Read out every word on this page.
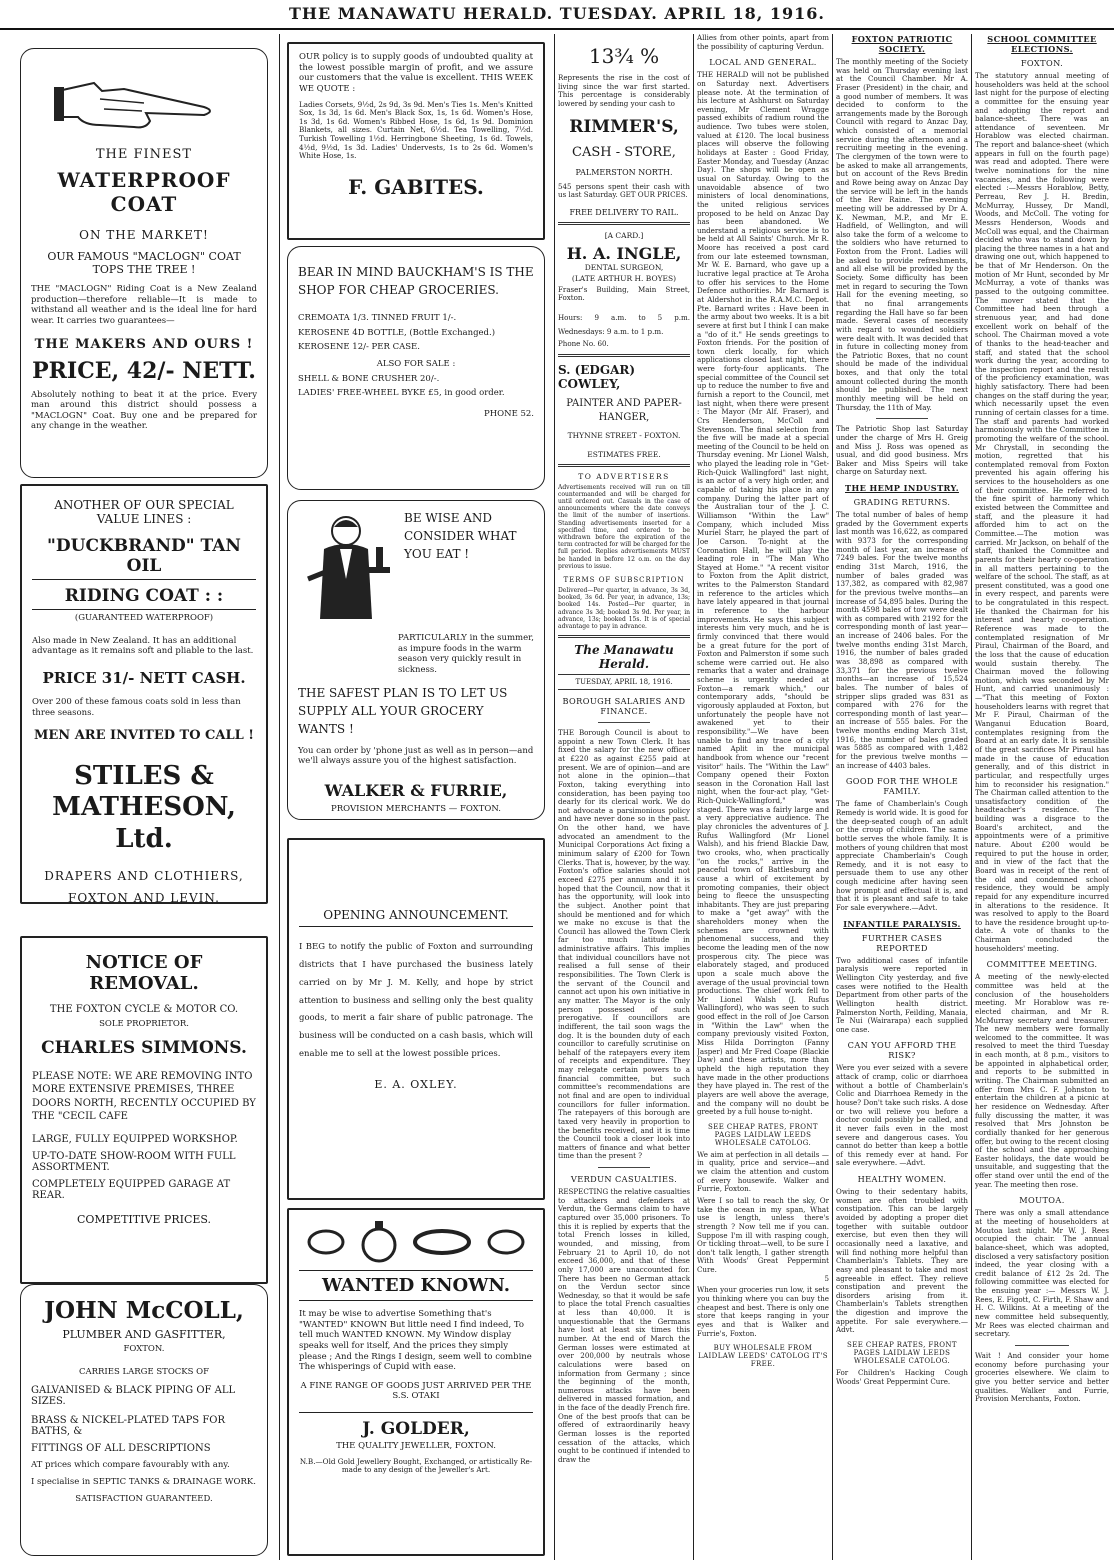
THE MANAWATU HERALD. TUESDAY. APRIL 18, 1916.
THE FINEST
WATERPROOF COAT
ON THE MARKET!
OUR FAMOUS "MACLOGN" COAT TOPS THE TREE !
THE "MACLOGN" Riding Coat is a New Zealand production—therefore reliable—It is made to withstand all weather and is the ideal line for hard wear. It carries two guarantees—
THE MAKERS AND OURS !
PRICE, 42/- NETT.
Absolutely nothing to beat it at the price. Every man around this district should possess a "MACLOGN" Coat. Buy one and be prepared for any change in the weather.
ANOTHER OF OUR SPECIAL VALUE LINES :
"DUCKBRAND" TAN OIL
RIDING COAT : :
(GUARANTEED WATERPROOF)
Also made in New Zealand. It has an additional advantage as it remains soft and pliable to the last.
PRICE 31/- NETT CASH.
Over 200 of these famous coats sold in less than three seasons.
MEN ARE INVITED TO CALL !
STILES & MATHESON, Ltd.
DRAPERS AND CLOTHIERS,
FOXTON AND LEVIN.
NOTICE OF REMOVAL.
THE FOXTON CYCLE & MOTOR CO.
SOLE PROPRIETOR.
CHARLES SIMMONS.
PLEASE NOTE: WE ARE REMOVING INTO MORE EXTENSIVE PREMISES, THREE DOORS NORTH, RECENTLY OCCUPIED BY THE "CECIL CAFE
LARGE, FULLY EQUIPPED WORKSHOP.
UP-TO-DATE SHOW-ROOM WITH FULL ASSORTMENT.
COMPLETELY EQUIPPED GARAGE AT REAR.
COMPETITIVE PRICES.
JOHN McCOLL,
PLUMBER AND GASFITTER,
FOXTON.
CARRIES LARGE STOCKS OF
GALVANISED & BLACK PIPING OF ALL SIZES.
BRASS & NICKEL-PLATED TAPS FOR BATHS, &
FITTINGS OF ALL DESCRIPTIONS
AT prices which compare favourably with any.
I specialise in SEPTIC TANKS & DRAINAGE WORK.
SATISFACTION GUARANTEED.
OUR policy is to supply goods of undoubted quality at the lowest possible margin of profit, and we assure our customers that the value is excellent. THIS WEEK WE QUOTE :
Ladies Corsets, 9½d, 2s 9d, 3s 9d. Men's Ties 1s. Men's Knitted Sox, 1s 3d, 1s 6d. Men's Black Sox, 1s, 1s 6d. Women's Hose, 1s 3d, 1s 6d. Women's Ribbed Hose, 1s 6d, 1s 9d. Dominion Blankets, all sizes. Curtain Net, 6½d. Tea Towelling, 7½d. Turkish Towelling 1½d. Herringbone Sheeting, 1s 6d. Towels, 4½d, 9½d, 1s 3d. Ladies' Undervests, 1s to 2s 6d. Women's White Hose, 1s.
F. GABITES.
BEAR IN MIND BAUCKHAM'S IS THE SHOP FOR CHEAP GROCERIES.
CREMOATA 1/3. TINNED FRUIT 1/-.
KEROSENE 4D BOTTLE, (Bottle Exchanged.)
KEROSENE 12/- PER CASE.
ALSO FOR SALE :
SHELL & BONE CRUSHER 20/-.
LADIES' FREE-WHEEL BYKE £5, in good order.
PHONE 52.
BE WISE AND CONSIDER WHAT YOU EAT !
PARTICULARLY in the summer, as impure foods in the warm season very quickly result in sickness.
THE SAFEST PLAN IS TO LET US SUPPLY ALL YOUR GROCERY WANTS !
You can order by 'phone just as well as in person—and we'll always assure you of the highest satisfaction.
WALKER & FURRIE,
PROVISION MERCHANTS — FOXTON.
OPENING ANNOUNCEMENT.
I BEG to notify the public of Foxton and surrounding districts that I have purchased the business lately carried on by Mr J. M. Kelly, and hope by strict attention to business and selling only the best quality goods, to merit a fair share of public patronage. The business will be conducted on a cash basis, which will enable me to sell at the lowest possible prices.
E. A. OXLEY.
WANTED KNOWN.
It may be wise to advertise Something that's "WANTED" KNOWN But little need I find indeed, To tell much WANTED KNOWN. My Window display speaks well for itself, And the prices they simply please ; And the Rings I design, seem well to combine The whisperings of Cupid with ease.
A FINE RANGE OF GOODS JUST ARRIVED PER THE S.S. OTAKI
J. GOLDER,
THE QUALITY JEWELLER, FOXTON.
N.B.—Old Gold Jewellery Bought, Exchanged, or artistically Re-made to any design of the Jeweller's Art.
13¾ %
Represents the rise in the cost of living since the war first started. This percentage is considerably lowered by sending your cash to
RIMMER'S,
CASH - STORE,
PALMERSTON NORTH.
545 persons spent their cash with us last Saturday. GET OUR PRICES.
FREE DELIVERY TO RAIL.
[A CARD.]
H. A. INGLE,
DENTAL SURGEON,
(LATE ARTHUR H. BOYES)
Fraser's Building, Main Street, Foxton.
Hours: 9 a.m. to 5 p.m. Wednesdays: 9 a.m. to 1 p.m.
Phone No. 60.
S. (EDGAR) COWLEY,
PAINTER AND PAPER-HANGER,
THYNNE STREET - FOXTON.
ESTIMATES FREE.
TO ADVERTISERS
Advertisements received will run on till countermanded and will be charged for until ordered out. Casuals in the case of announcements where the date conveys the limit of the number of insertions. Standing advertisements inserted for a specified time, and ordered to be withdrawn before the expiration of the term contracted for will be charged for the full period. Replies advertisements MUST be handed in before 12 o.m. on the day previous to issue.
TERMS OF SUBSCRIPTION
Delivered—Per quarter, in advance, 3s 3d, booked, 3s 6d. Per year, in advance, 13s; booked 14s. Posted—Per quarter, in advance 3s 3d; booked 3s 9d. Per year, in advance, 13s; booked 15s. It is of special advantage to pay in advance.
The Manawatu Herald.
TUESDAY, APRIL 18, 1916.
BOROUGH SALARIES AND FINANCE.
THE Borough Council is about to appoint a new Town Clerk. It has fixed the salary for the new officer at £220 as against £255 paid at present. We are of opinion—and are not alone in the opinion—that Foxton, taking everything into consideration, has been paying too dearly for its clerical work. We do not advocate a parsimonious policy and have never done so in the past. On the other hand, we have advocated an amendment to the Municipal Corporations Act fixing a minimum salary of £200 for Town Clerks. That is, however, by the way. Foxton's office salaries should not exceed £275 per annum and it is hoped that the Council, now that it has the opportunity, will look into the subject. Another point that should be mentioned and for which we make no excuse is that the Council has allowed the Town Clerk far too much latitude in administrative affairs. This implies that individual councillors have not realised a full sense of their responsibilities. The Town Clerk is the servant of the Council and cannot act upon his own initiative in any matter. The Mayor is the only person possessed of such prerogative. If councillors are indifferent, the tail soon wags the dog. It is the bounden duty of each councillor to carefully scrutinise on behalf of the ratepayers every item of receipts and expenditure. They may relegate certain powers to a financial committee, but such committee's recommendations are not final and are open to individual councillors for fuller information. The ratepayers of this borough are taxed very heavily in proportion to the benefits received, and it is time the Council took a closer look into matters of finance and what better time than the present ?
VERDUN CASUALTIES.
RESPECTING the relative casualties to attackers and defenders at Verdun, the Germans claim to have captured over 35,000 prisoners. To this it is replied by experts that the total French losses in killed, wounded, and missing, from February 21 to April 10, do not exceed 36,000, and that of these only 17,000 are unaccounted for. There has been no German attack on the Verdun sector since Wednesday, so that it would be safe to place the total French casualties at less than 40,000. It is unquestionable that the Germans have lost at least six times this number. At the end of March the German losses were estimated at over 200,000 by neutrals whose calculations were based on information from Germany ; since the beginning of the month, numerous attacks have been delivered in massed formation, and in the face of the deadly French fire. One of the best proofs that can be offered of extraordinarily heavy German losses is the reported cessation of the attacks, which ought to be continued if intended to draw the
Allies from other points, apart from the possibility of capturing Verdun.
LOCAL AND GENERAL.
THE HERALD will not be published on Saturday next. Advertisers please note. At the termination of his lecture at Ashhurst on Saturday evening, Mr Clement Wragge passed exhibits of radium round the audience. Two tubes were stolen, valued at £120. The local business places will observe the following holidays at Easter : Good Friday, Easter Monday, and Tuesday (Anzac Day). The shops will be open as usual on Saturday. Owing to the unavoidable absence of two ministers of local denominations, the united religious services proposed to be held on Anzac Day has been abandoned. We understand a religious service is to be held at All Saints' Church. Mr R. Moore has received a post card from our late esteemed townsman, Mr W. E. Barnard, who gave up a lucrative legal practice at Te Aroha to offer his services to the Home Defence authorities. Mr Barnard is at Aldershot in the R.A.M.C. Depot. Pte. Barnard writes : Have been in the army about two weeks. It is a bit severe at first but I think I can make a "do of it." He sends greetings to Foxton friends. For the position of town clerk locally, for which applications closed last night, there were forty-four applicants. The special committee of the Council set up to reduce the number to five and furnish a report to the Council, met last night, when there were present : The Mayor (Mr Alf. Fraser), and Crs Henderson, McColl and Stevenson. The final selection from the five will be made at a special meeting of the Council to be held on Thursday evening. Mr Lionel Walsh, who played the leading role in "Get-Rich-Quick Wallingford" last night, is an actor of a very high order, and capable of taking his place in any company. During the latter part of the Australian tour of the J. C. Williamson "Within the Law" Company, which included Miss Muriel Starr, he played the part of Joe Carson. To-night at the Coronation Hall, he will play the leading role in "The Man Who Stayed at Home." "A recent visitor to Foxton from the Aplit district, writes to the Palmerston Standard in reference to the articles which have lately appeared in that journal in reference to the harbour improvements. He says this subject interests him very much, and he is firmly convinced that there would be a great future for the port of Foxton and Palmerston if some such scheme were carried out. He also remarks that a water and drainage scheme is urgently needed at Foxton—a remark which," our contemporary adds, "should be vigorously applauded at Foxton, but unfortunately the people have not awakened yet to their responsibility."—We have been unable to find any trace of a city named Aplit in the municipal handbook from whence our "recent visitor" hails. The "Within the Law" Company opened their Foxton season in the Coronation Hall last night, when the four-act play, "Get-Rich-Quick-Wallingford," was staged. There was a fairly large and a very appreciative audience. The play chronicles the adventures of J. Rufus Wallingford (Mr Lionel Walsh), and his friend Blackie Daw, two crooks, who, when practically "on the rocks," arrive in the peaceful town of Battlesburg and cause a whirl of excitement by promoting companies, their object being to fleece the unsuspecting inhabitants. They are just preparing to make a "get away" with the shareholders money when the schemes are crowned with phenomenal success, and they become the leading men of the now prosperous city. The piece was elaborately staged, and produced upon a scale much above the average of the usual provincial town productions. The chief work fell to Mr Lionel Walsh (J. Rufus Wallingford), who was seen to such good effect in the roll of Joe Carson in "Within the Law" when the company previously visited Foxton, Miss Hilda Dorrington (Fanny Jasper) and Mr Fred Coape (Blackie Daw) and these artists, more than upheld the high reputation they have made in the other productions they have played in. The rest of the players are well above the average, and the company will no doubt be greeted by a full house to-night.
SEE CHEAP RATES, FRONT PAGES LAIDLAW LEEDS WHOLESALE CATOLOG.
We aim at perfection in all details —in quality, price and service—and we claim the attention and custom of every housewife. Walker and Furrie, Foxton.
Were I so tall to reach the sky, Or take the ocean in my span, What use is length, unless there's strength ? Now tell me if you can. Suppose I'm ill with rasping cough, Or tickling throat—well, to be sure I don't talk length, I gather strength With Woods' Great Peppermint Cure.
5
When your groceries run low, it sets you thinking where you can buy the cheapest and best. There is only one store that keeps ranging in your eyes and that is Walker and Furrie's, Foxton.
BUY WHOLESALE FROM LAIDLAW LEEDS' CATOLOG IT'S FREE.
FOXTON PATRIOTIC SOCIETY.
The monthly meeting of the Society was held on Thursday evening last at the Council Chamber. Mr A. Fraser (President) in the chair, and a good number of members. It was decided to conform to the arrangements made by the Borough Council with regard to Anzac Day, which consisted of a memorial service during the afternoon and a recruiting meeting in the evening. The clergymen of the town were to be asked to make all arrangements, but on account of the Revs Bredin and Rowe being away on Anzac Day the service will be left in the hands of the Rev Raine. The evening meeting will be addressed by Dr A. K. Newman, M.P., and Mr E. Hadfield, of Wellington, and will also take the form of a welcome to the soldiers who have returned to Foxton from the Front. Ladies will be asked to provide refreshments, and all else will be provided by the Society. Some difficulty has been met in regard to securing the Town Hall for the evening meeting, so that no final arrangements regarding the Hall have so far been made. Several cases of necessity with regard to wounded soldiers were dealt with. It was decided that in future in collecting money from the Patriotic Boxes, that no count should be made of the individual boxes, and that only the total amount collected during the month should be published. The next monthly meeting will be held on Thursday, the 11th of May.
The Patriotic Shop last Saturday under the charge of Mrs H. Greig and Miss J. Ross was opened as usual, and did good business. Mrs Baker and Miss Speirs will take charge on Saturday next.
THE HEMP INDUSTRY.
GRADING RETURNS.
The total number of bales of hemp graded by the Government experts last month was 16,622, as compared with 9373 for the corresponding month of last year, an increase of 7249 bales. For the twelve months ending 31st March, 1916, the number of bales graded was 137,382, as compared with 82,987 for the previous twelve months—an increase of 54,895 bales. During the month 4598 bales of tow were dealt with as compared with 2192 for the corresponding month of last year—an increase of 2406 bales. For the twelve months ending 31st March, 1916, the number of bales graded was 38,898 as compared with 33,371 for the previous twelve months—an increase of 15,524 bales. The number of bales of stripper slips graded was 831 as compared with 276 for the corresponding month of last year—an increase of 555 bales. For the twelve months ending March 31st, 1916, the number of bales graded was 5885 as compared with 1,482 for the previous twelve months — an increase of 4403 bales.
GOOD FOR THE WHOLE FAMILY.
The fame of Chamberlain's Cough Remedy is world wide. It is good for the deep-seated cough of an adult or the croup of children. The same bottle serves the whole family. It is mothers of young children that most appreciate Chamberlain's Cough Remedy, and it is not easy to persuade them to use any other cough medicine after having seen how prompt and effectual it is, and that it is pleasant and safe to take For sale everywhere.—Advt.
INFANTILE PARALYSIS.
FURTHER CASES REPORTED
Two additional cases of infantile paralysis were reported in Wellington City yesterday, and five cases were notified to the Health Department from other parts of the Wellington health district. Palmerston North, Feilding, Manaia, Te Nui (Wairarapa) each supplied one case.
CAN YOU AFFORD THE RISK?
Were you ever seized with a severe attack of cramp, colic or diarrhoea without a bottle of Chamberlain's Colic and Diarrhoea Remedy in the house? Don't take such risks. A dose or two will relieve you before a doctor could possibly be called, and it never fails even in the most severe and dangerous cases. You cannot do better than keep a bottle of this remedy ever at hand. For sale everywhere. —Advt.
HEALTHY WOMEN.
Owing to their sedentary habits, women are often troubled with constipation. This can be largely avoided by adopting a proper diet together with suitable outdoor exercise, but even then they will occasionally need a laxative, and will find nothing more helpful than Chamberlain's Tablets. They are easy and pleasant to take and most agreeable in effect. They relieve constipation and prevent the disorders arising from it. Chamberlain's Tablets strengthen the digestion and improve the appetite. For sale everywhere.—Advt.
SEE CHEAP RATES, FRONT PAGES LAIDLAW LEEDS WHOLESALE CATOLOG.
For Children's Hacking Cough Woods' Great Peppermint Cure.
SCHOOL COMMITTEE ELECTIONS.
FOXTON.
The statutory annual meeting of householders was held at the school last night for the purpose of electing a committee for the ensuing year and adopting the report and balance-sheet. There was an attendance of seventeen. Mr Horablow was elected chairman. The report and balance-sheet (which appears in full on the fourth page) was read and adopted. There were twelve nominations for the nine vacancies, and the following were elected :—Messrs Horablow, Betty, Perreau, Rev J. H. Bredin, McMurray, Hussey, Dr Mandl, Woods, and McColl. The voting for Messrs Henderson, Woods and McColl was equal, and the Chairman decided who was to stand down by placing the three names in a hat and drawing one out, which happened to be that of Mr Henderson. On the motion of Mr Hunt, seconded by Mr McMurray, a vote of thanks was passed to the outgoing committee. The mover stated that the Committee had been through a strenuous year, and had done excellent work on behalf of the school. The Chairman moved a vote of thanks to the head-teacher and staff, and stated that the school work during the year, according to the inspection report and the result of the proficiency examination, was highly satisfactory. There had been changes on the staff during the year, which necessarily upset the even running of certain classes for a time. The staff and parents had worked harmoniously with the Committee in promoting the welfare of the school. Mr Chrystall, in seconding the motion, regretted that his contemplated removal from Foxton prevented his again offering his services to the householders as one of their committee. He referred to the fine spirit of harmony which existed between the Committee and staff, and the pleasure it had afforded him to act on the Committee.—The motion was carried. Mr Jackson, on behalf of the staff, thanked the Committee and parents for their hearty co-operation in all matters pertaining to the welfare of the school. The staff, as at present constituted, was a good one in every respect, and parents were to be congratulated in this respect. He thanked the Chairman for his interest and hearty co-operation. Reference was made to the contemplated resignation of Mr Piraul, Chairman of the Board, and the loss that the cause of education would sustain thereby. The Chairman moved the following motion, which was seconded by Mr Hunt, and carried unanimously :—"That this meeting of Foxton householders learns with regret that Mr F. Piraul, Chairman of the Wanganui Education Board, contemplates resigning from the Board at an early date. It is sensible of the great sacrifices Mr Piraul has made in the cause of education generally, and of this district in particular, and respectfully urges him to reconsider his resignation." The Chairman called attention to the unsatisfactory condition of the headteacher's residence. The building was a disgrace to the Board's architect, and the appointments were of a primitive nature. About £200 would be required to put the house in order, and in view of the fact that the Board was in receipt of the rent of the old and condemned school residence, they would be amply repaid for any expenditure incurred in alterations to the residence. It was resolved to apply to the Board to have the residence brought up-to-date. A vote of thanks to the Chairman concluded the householders' meeting.
COMMITTEE MEETING.
A meeting of the newly-elected committee was held at the conclusion of the householders meeting. Mr Horablow was re-elected chairman, and Mr R. McMurray secretary and treasurer. The new members were formally welcomed to the committee. It was resolved to meet the third Tuesday in each month, at 8 p.m., visitors to be appointed in alphabetical order, and reports to be submitted in writing. The Chairman submitted an offer from Mrs C. F. Johnston to entertain the children at a picnic at her residence on Wednesday. After fully discussing the matter, it was resolved that Mrs Johnston be cordially thanked for her generous offer, but owing to the recent closing of the school and the approaching Easter holidays, the date would be unsuitable, and suggesting that the offer stand over until the end of the year. The meeting then rose.
MOUTOA.
There was only a small attendance at the meeting of householders at Moutoa last night. Mr W. J. Rees occupied the chair. The annual balance-sheet, which was adopted, disclosed a very satisfactory position indeed, the year closing with a credit balance of £12 2s 2d. The following committee was elected for the ensuing year :— Messrs W. J. Rees, E. Figott, C. Firth, F. Shaw and H. C. Wilkins. At a meeting of the new committee held subsequently, Mr Rees was elected chairman and secretary.
Wait ! And consider your home economy before purchasing your groceries elsewhere. We claim to give you better service and better qualities. Walker and Furrie, Provision Merchants, Foxton.
